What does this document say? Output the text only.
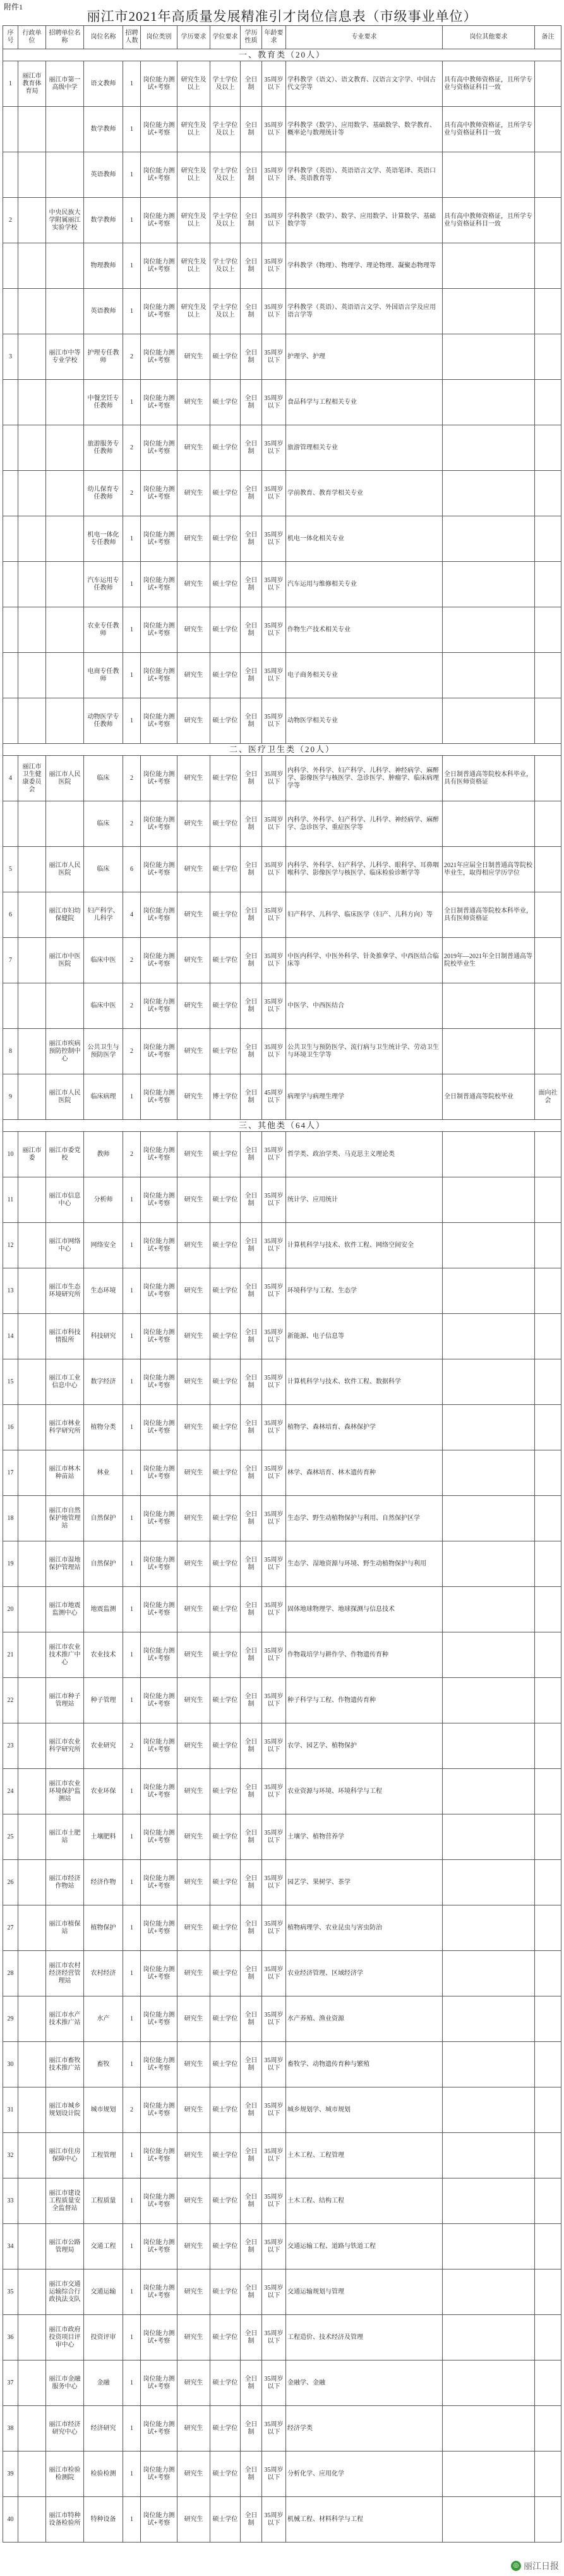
附件1
丽江市2021年高质量发展精准引才岗位信息表（市级事业单位）
序号	行政单位	招聘单位名称	岗位名称	招聘人数	岗位类别	学历要求	学位要求	学历性质	年龄要求	专业要求	岗位其他要求	备注
一、教育类（20人）												
1	丽江市教育体育局	丽江市第一高级中学	语文教师	1	岗位能力测试+考察	研究生及以上	学士学位及以上	全日制	35周岁以下	学科教学（语文）、语文教育、汉语言文字学、中国古代文学等	具有高中教师资格证，且所学专业与资格证科目一致	
			数学教师	1	岗位能力测试+考察	研究生及以上	学士学位及以上	全日制	35周岁以下	学科教学（数学）、应用数学、基础数学、数学教育、概率论与数理统计等	具有高中教师资格证，且所学专业与资格证科目一致	
			英语教师	1	岗位能力测试+考察	研究生及以上	学士学位及以上	全日制	35周岁以下	学科教学（英语）、英语语言文学、英语笔译、英语口译、英语教育等		
2		中央民族大学附属丽江实验学校	数学教师	1	岗位能力测试+考察	研究生及以上	学士学位及以上	全日制	35周岁以下	学科教学（数学）、数学、应用数学、计算数学、基础数学等	具有高中教师资格证，且所学专业与资格证科目一致	
			物理教师	1	岗位能力测试+考察	研究生及以上	学士学位及以上	全日制	35周岁以下	学科教学（物理）、物理学、理论物理、凝聚态物理等		
			英语教师	1	岗位能力测试+考察	研究生及以上	学士学位及以上	全日制	35周岁以下	学科教学（英语）、英语语言文学、外国语言学及应用语言学等		
3		丽江市中等专业学校	护理专任教师	2	岗位能力测试+考察	研究生	硕士学位	全日制	35周岁以下	护理学、护理		
			中餐烹饪专任教师	1	岗位能力测试+考察	研究生	硕士学位	全日制	35周岁以下	食品科学与工程相关专业		
			旅游服务专任教师	2	岗位能力测试+考察	研究生	硕士学位	全日制	35周岁以下	旅游管理相关专业		
			幼儿保育专任教师	2	岗位能力测试+考察	研究生	硕士学位	全日制	35周岁以下	学前教育、教育学相关专业		
			机电一体化专任教师	1	岗位能力测试+考察	研究生	硕士学位	全日制	35周岁以下	机电一体化相关专业		
			汽车运用专任教师	1	岗位能力测试+考察	研究生	硕士学位	全日制	35周岁以下	汽车运用与维修相关专业		
			农业专任教师	1	岗位能力测试+考察	研究生	硕士学位	全日制	35周岁以下	作物生产技术相关专业		
			电商专任教师	1	岗位能力测试+考察	研究生	硕士学位	全日制	35周岁以下	电子商务相关专业		
			动物医学专任教师	1	岗位能力测试+考察	研究生	硕士学位	全日制	35周岁以下	动物医学相关专业		
二、医疗卫生类（20人）												
4	丽江市卫生健康委员会	丽江市人民医院	临床	2	岗位能力测试+考察	研究生	硕士学位	全日制	35周岁以下	内科学、外科学、妇产科学、儿科学、神经病学、麻醉学、影像医学与核医学、急诊医学、肿瘤学、临床病理学等	全日制普通高等院校本科毕业，具有医师资格证	
			临床	2	岗位能力测试+考察	研究生	硕士学位	全日制	35周岁以下	内科学、外科学、妇产科学、儿科学、神经病学、麻醉学、急诊医学、重症医学等		
5		丽江市人民医院	临床	6	岗位能力测试+考察	研究生	硕士学位	全日制	35周岁以下	内科学、外科学、妇产科学、儿科学、眼科学、耳鼻咽喉科学、影像医学与核医学、临床检验诊断学等	2021年应届全日制普通高等院校毕业生，取得相应学历学位	
6		丽江市妇幼保健院	妇产科学、儿科学	4	岗位能力测试+考察	研究生	硕士学位	全日制	35周岁以下	妇产科学、儿科学、临床医学（妇产、儿科方向）等	全日制普通高等院校本科毕业，具有医师资格证	
7		丽江市中医医院	临床中医	2	岗位能力测试+考察	研究生	硕士学位	全日制	35周岁以下	中医内科学、中医外科学、针灸推拿学、中西医结合临床等	2019年—2021年全日制普通高等院校毕业生	
			临床中医	2	岗位能力测试+考察	研究生	硕士学位	全日制	35周岁以下	中医学、中西医结合		
8		丽江市疾病预防控制中心	公共卫生与预防医学	2	岗位能力测试+考察	研究生	硕士学位	全日制	35周岁以下	公共卫生与预防医学、流行病与卫生统计学、劳动卫生与环境卫生学等		
9		丽江市人民医院	临床病理	1	岗位能力测试+考察	研究生	博士学位	全日制	45周岁以下	病理学与病理生理学	全日制普通高等院校毕业	面向社会
三、其他类（64人）												
10	丽江市委	丽江市委党校	教师	2	岗位能力测试+考察	研究生	硕士学位	全日制	35周岁以下	哲学类、政治学类、马克思主义理论类		
11		丽江市信息中心	分析师	1	岗位能力测试+考察	研究生	硕士学位	全日制	35周岁以下	统计学、应用统计		
12		丽江市网络中心	网络安全	1	岗位能力测试+考察	研究生	硕士学位	全日制	35周岁以下	计算机科学与技术、软件工程、网络空间安全		
13		丽江市生态环境研究所	生态环境	1	岗位能力测试+考察	研究生	硕士学位	全日制	35周岁以下	环境科学与工程、生态学		
14		丽江市科技情报所	科技研究	1	岗位能力测试+考察	研究生	硕士学位	全日制	35周岁以下	新能源、电子信息等		
15		丽江市工业信息中心	数字经济	1	岗位能力测试+考察	研究生	硕士学位	全日制	35周岁以下	计算机科学与技术、软件工程、数据科学		
16		丽江市林业科学研究所	植物分类	1	岗位能力测试+考察	研究生	硕士学位	全日制	35周岁以下	植物学、森林培育、森林保护学		
17		丽江市林木种苗站	林业	1	岗位能力测试+考察	研究生	硕士学位	全日制	35周岁以下	林学、森林培育、林木遗传育种		
18		丽江市自然保护地管理站	自然保护	1	岗位能力测试+考察	研究生	硕士学位	全日制	35周岁以下	生态学、野生动植物保护与利用、自然保护区学		
19		丽江市湿地保护管理站	自然保护	1	岗位能力测试+考察	研究生	硕士学位	全日制	35周岁以下	生态学、湿地资源与环境、野生动植物保护与利用		
20		丽江市地震监测中心	地震监测	1	岗位能力测试+考察	研究生	硕士学位	全日制	35周岁以下	固体地球物理学、地球探测与信息技术		
21		丽江市农业技术推广中心	农业技术	1	岗位能力测试+考察	研究生	硕士学位	全日制	35周岁以下	作物栽培学与耕作学、作物遗传育种		
22		丽江市种子管理站	种子管理	1	岗位能力测试+考察	研究生	硕士学位	全日制	35周岁以下	种子科学与工程、作物遗传育种		
23		丽江市农业科学研究所	农业研究	2	岗位能力测试+考察	研究生	硕士学位	全日制	35周岁以下	农学、园艺学、植物保护		
24		丽江市农业环境保护监测站	农业环保	1	岗位能力测试+考察	研究生	硕士学位	全日制	35周岁以下	农业资源与环境、环境科学与工程		
25		丽江市土肥站	土壤肥料	1	岗位能力测试+考察	研究生	硕士学位	全日制	35周岁以下	土壤学、植物营养学		
26		丽江市经济作物站	经济作物	1	岗位能力测试+考察	研究生	硕士学位	全日制	35周岁以下	园艺学、果树学、茶学		
27		丽江市植保站	植物保护	1	岗位能力测试+考察	研究生	硕士学位	全日制	35周岁以下	植物病理学、农业昆虫与害虫防治		
28		丽江市农村经济经营管理站	农村经济	1	岗位能力测试+考察	研究生	硕士学位	全日制	35周岁以下	农业经济管理、区域经济学		
29		丽江市水产技术推广站	水产	1	岗位能力测试+考察	研究生	硕士学位	全日制	35周岁以下	水产养殖、渔业资源		
30		丽江市畜牧技术推广站	畜牧	1	岗位能力测试+考察	研究生	硕士学位	全日制	35周岁以下	畜牧学、动物遗传育种与繁殖		
31		丽江市城乡规划设计院	城市规划	2	岗位能力测试+考察	研究生	硕士学位	全日制	35周岁以下	城乡规划学、城市规划		
32		丽江市住房保障中心	工程管理	1	岗位能力测试+考察	研究生	硕士学位	全日制	35周岁以下	土木工程、工程管理		
33		丽江市建设工程质量安全监督站	工程质量	1	岗位能力测试+考察	研究生	硕士学位	全日制	35周岁以下	土木工程、结构工程		
34		丽江市公路管理局	交通工程	1	岗位能力测试+考察	研究生	硕士学位	全日制	35周岁以下	交通运输工程、道路与铁道工程		
35		丽江市交通运输综合行政执法支队	交通运输	1	岗位能力测试+考察	研究生	硕士学位	全日制	35周岁以下	交通运输规划与管理		
36		丽江市政府投资项目评审中心	投资评审	1	岗位能力测试+考察	研究生	硕士学位	全日制	35周岁以下	工程造价、技术经济及管理		
37		丽江市金融服务中心	金融	1	岗位能力测试+考察	研究生	硕士学位	全日制	35周岁以下	金融学、金融		
38		丽江市经济研究中心	经济研究	1	岗位能力测试+考察	研究生	硕士学位	全日制	35周岁以下	经济学类		
39		丽江市检验检测院	检验检测	1	岗位能力测试+考察	研究生	硕士学位	全日制	35周岁以下	分析化学、应用化学		
40		丽江市特种设备检验所	特种设备	1	岗位能力测试+考察	研究生	硕士学位	全日制	35周岁以下	机械工程、材料科学与工程		
◎ 丽江日报
